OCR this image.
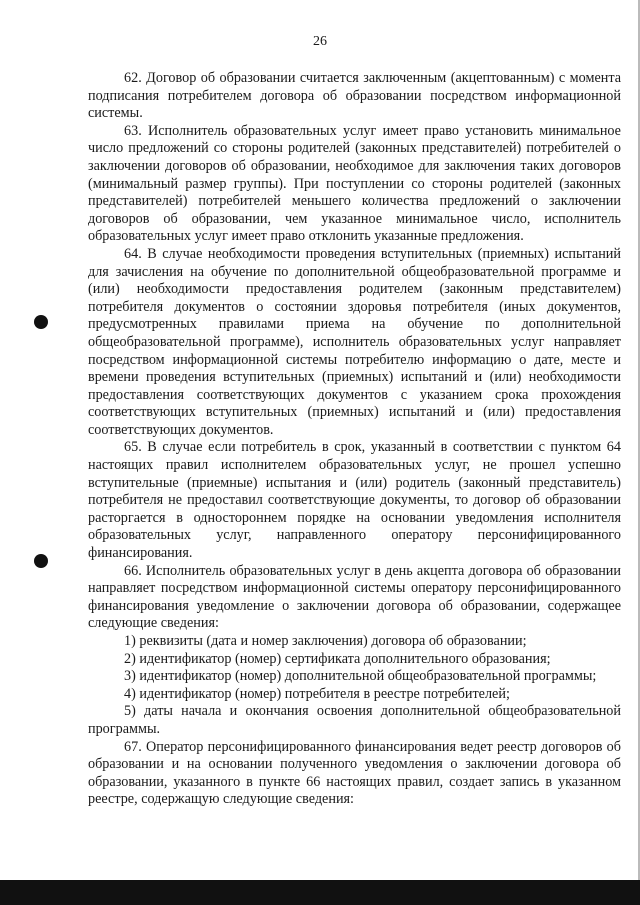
26

62. Договор об образовании считается заключенным (акцептованным) с момента подписания потребителем договора об образовании посредством информационной системы.

63. Исполнитель образовательных услуг имеет право установить минимальное число предложений со стороны родителей (законных представителей) потребителей о заключении договоров об образовании, необходимое для заключения таких договоров (минимальный размер группы). При поступлении со стороны родителей (законных представителей) потребителей меньшего количества предложений о заключении договоров об образовании, чем указанное минимальное число, исполнитель образовательных услуг имеет право отклонить указанные предложения.

64. В случае необходимости проведения вступительных (приемных) испытаний для зачисления на обучение по дополнительной общеобразовательной программе и (или) необходимости предоставления родителем (законным представителем) потребителя документов о состоянии здоровья потребителя (иных документов, предусмотренных правилами приема на обучение по дополнительной общеобразовательной программе), исполнитель образовательных услуг направляет посредством информационной системы потребителю информацию о дате, месте и времени проведения вступительных (приемных) испытаний и (или) необходимости предоставления соответствующих документов с указанием срока прохождения соответствующих вступительных (приемных) испытаний и (или) предоставления соответствующих документов.

65. В случае если потребитель в срок, указанный в соответствии с пунктом 64 настоящих правил исполнителем образовательных услуг, не прошел успешно вступительные (приемные) испытания и (или) родитель (законный представитель) потребителя не предоставил соответствующие документы, то договор об образовании расторгается в одностороннем порядке на основании уведомления исполнителя образовательных услуг, направленного оператору персонифицированного финансирования.

66. Исполнитель образовательных услуг в день акцепта договора об образовании направляет посредством информационной системы оператору персонифицированного финансирования уведомление о заключении договора об образовании, содержащее следующие сведения:

1) реквизиты (дата и номер заключения) договора об образовании;

2) идентификатор (номер) сертификата дополнительного образования;

3) идентификатор (номер) дополнительной общеобразовательной программы;

4) идентификатор (номер) потребителя в реестре потребителей;

5) даты начала и окончания освоения дополнительной общеобразовательной программы.

67. Оператор персонифицированного финансирования ведет реестр договоров об образовании и на основании полученного уведомления о заключении договора об образовании, указанного в пункте 66 настоящих правил, создает запись в указанном реестре, содержащую следующие сведения:
